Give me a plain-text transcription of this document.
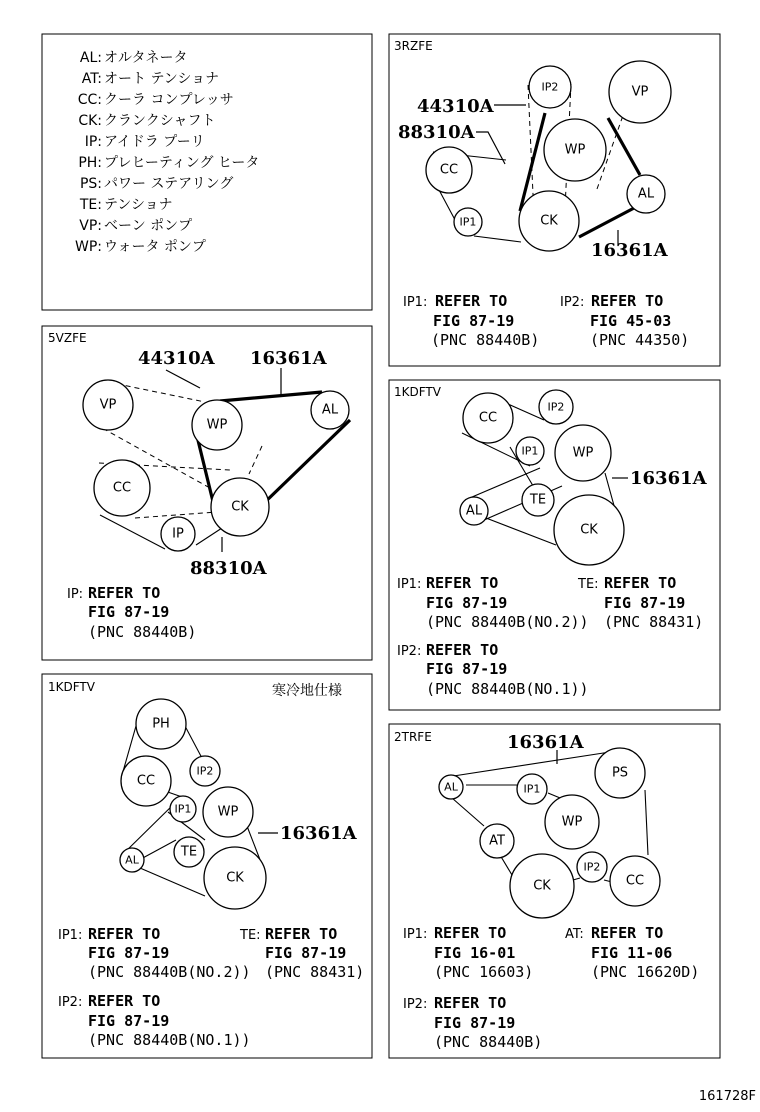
AL: オルタネータ
AT: オート テンショナ
CC: クーラ コンプレッサ
CK: クランクシャフト
IP: アイドラ プーリ
PH: プレヒーティング ヒータ
PS: パワー ステアリング
TE: テンショナ
VP: ベーン ポンプ
WP: ウォータ ポンプ
3RZFE
IP2	VP
CC
WP
AL
IP1	CK
44310A
88310A
16361A
IP1: REFER TO
FIG 87-19
(PNC 88440B)
IP2: REFER TO
FIG 45-03
(PNC 44350)
5VZFE
VP
WP
AL
CC
CK
IP
44310A 16361A
88310A
IP: REFER TO
FIG 87-19
(PNC 88440B)
1KDFTV
CC
IP2
IP1	WP
AL
TE
CK
16361A
IP1: REFER TO
FIG 87-19
(PNC 88440B(NO.2))
TE: REFER TO
FIG 87-19
(PNC 88431)
IP2: REFER TO
FIG 87-19
(PNC 88440B(NO.1))
1KDFTV	寒冷地仕様
PH
CC
IP2
IP1 WP
AL
TE
CK
16361A
IP1: REFER TO
FIG 87-19
(PNC 88440B(NO.2))
TE: REFER TO
FIG 87-19
(PNC 88431)
IP2: REFER TO
FIG 87-19
(PNC 88440B(NO.1))
2TRFE
AL	IP1
PS
WP
AT
IP2
CC
CK
16361A
IP1: REFER TO
FIG 16-01
(PNC 16603)
AT: REFER TO
FIG 11-06
(PNC 16620D)
IP2: REFER TO
FIG 87-19
(PNC 88440B)
161728F
